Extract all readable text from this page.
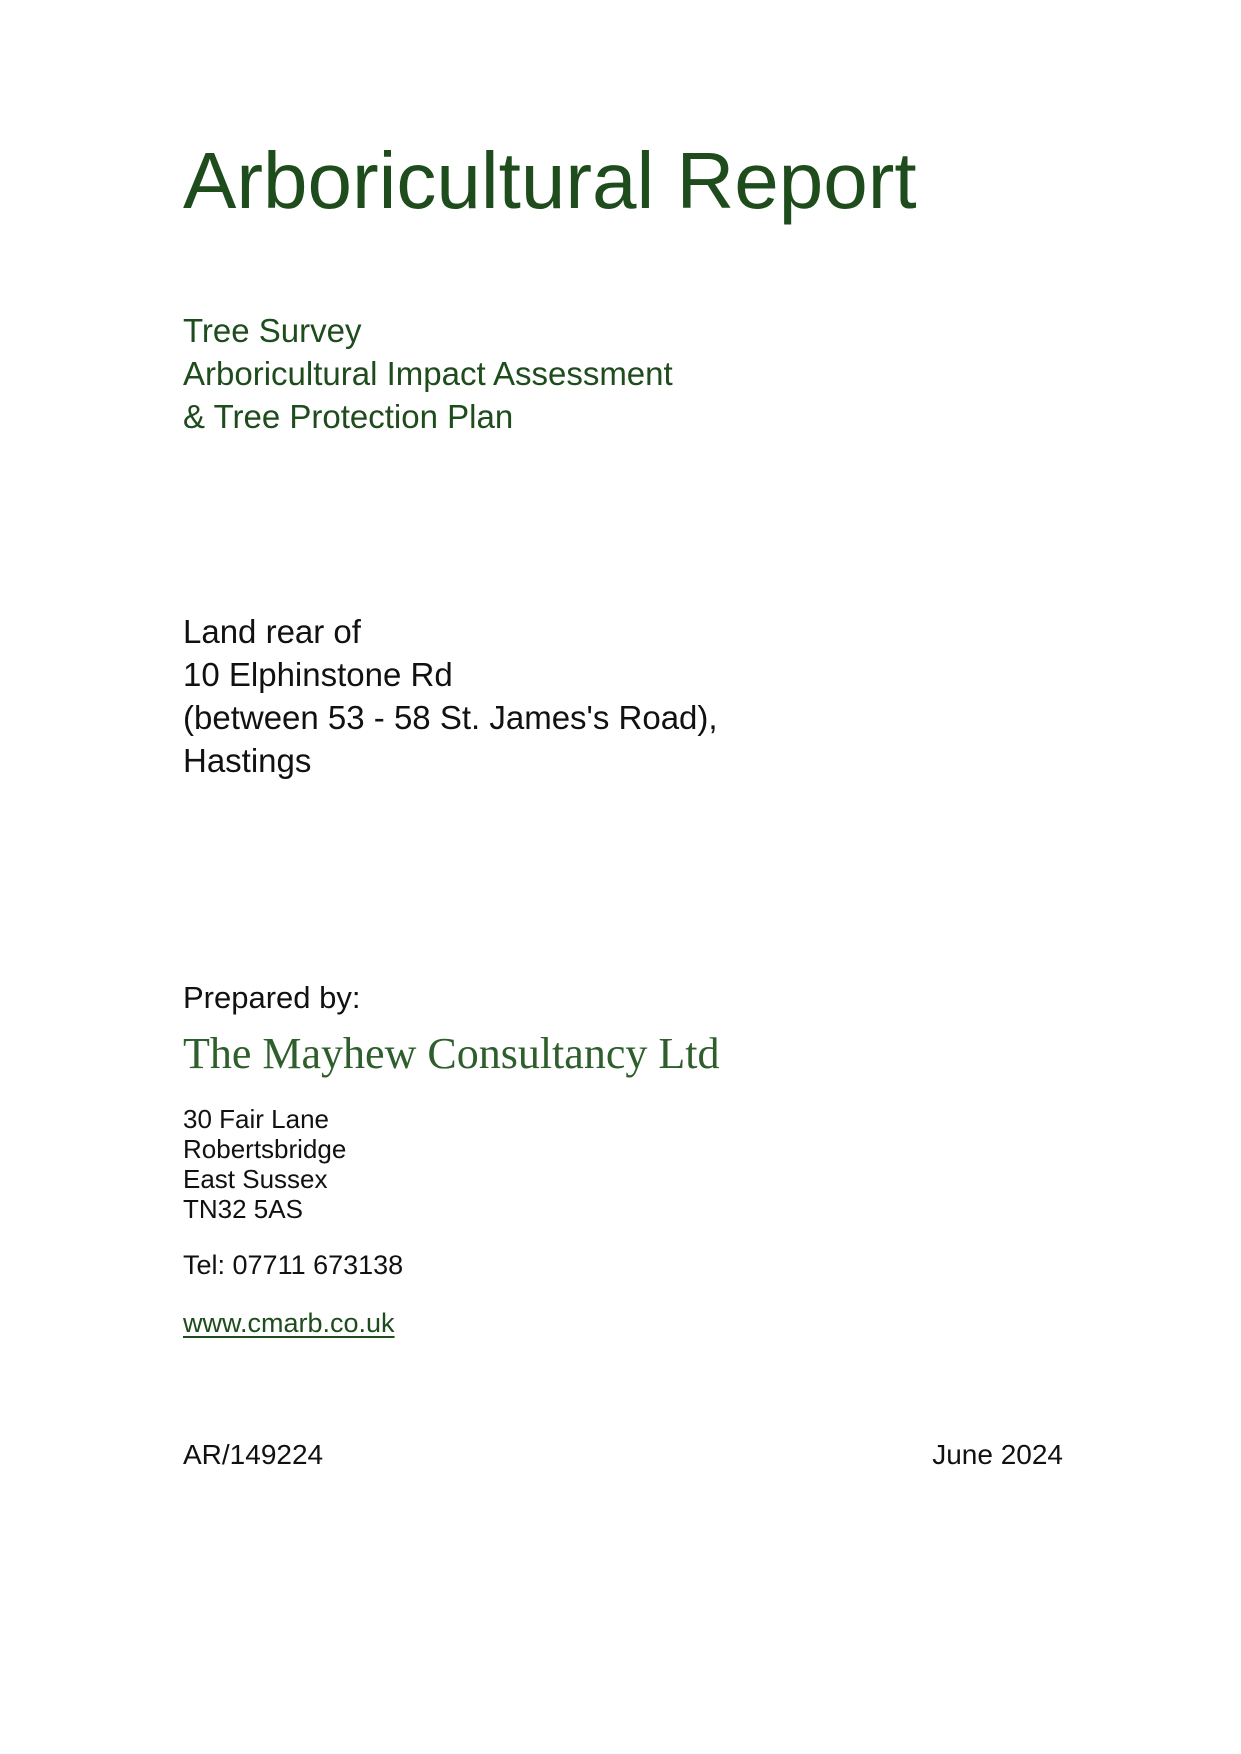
Arboricultural Report
Tree Survey
Arboricultural Impact Assessment
& Tree Protection Plan
Land rear of
10 Elphinstone Rd
(between 53 - 58 St. James's Road),
Hastings
Prepared by:
The Mayhew Consultancy Ltd
30 Fair Lane
Robertsbridge
East Sussex
TN32 5AS
Tel: 07711 673138
www.cmarb.co.uk
AR/149224	June 2024
